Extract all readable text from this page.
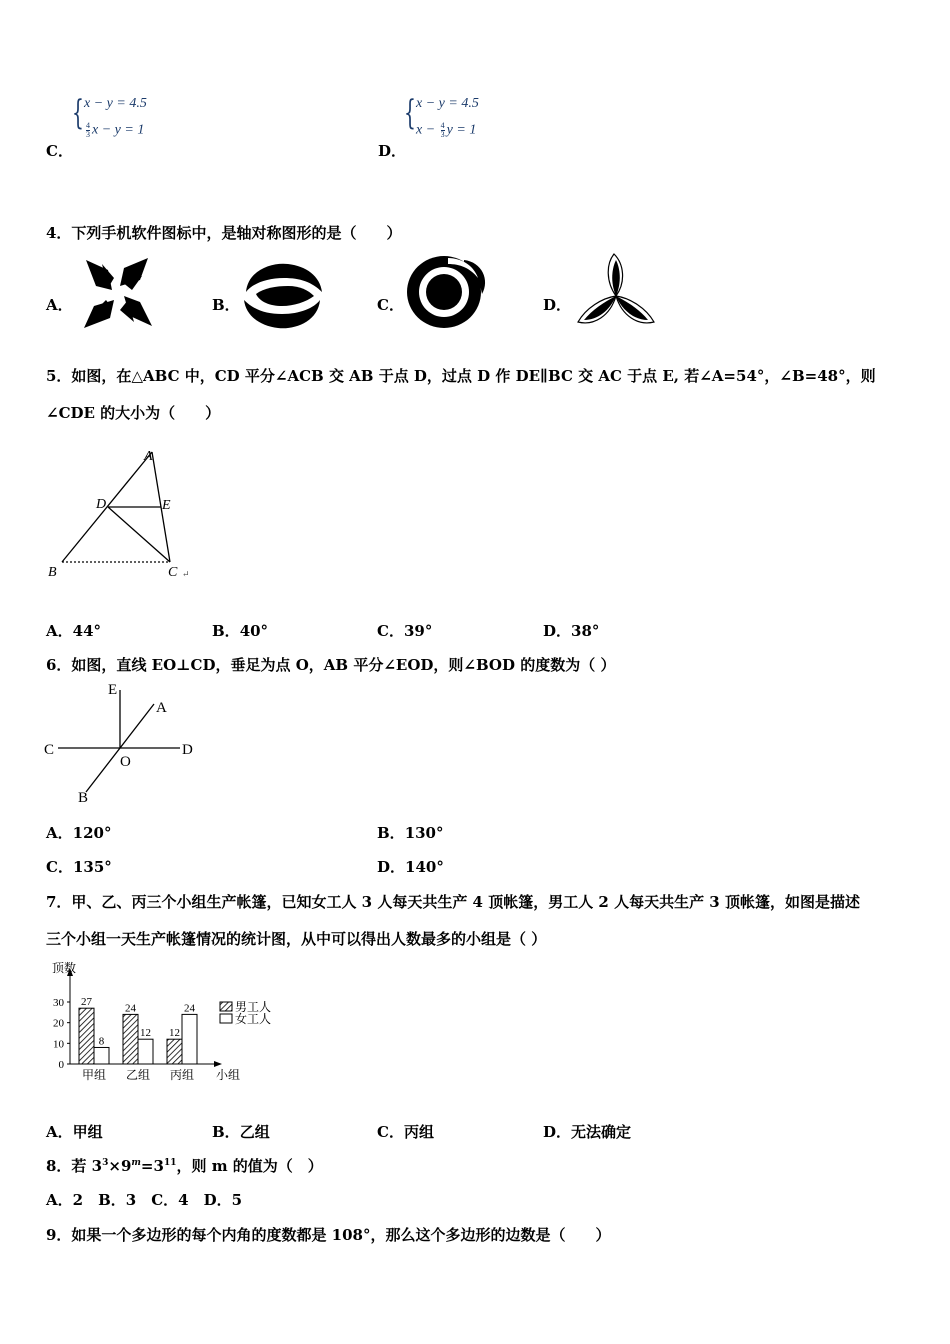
C．
{ x − y = 4.5
$\frac{4}{3}$ x − y = 1
D．
{ x − y = 4.5
$x - \frac{4}{3}$ y = 1
4．下列手机软件图标中，是轴对称图形的是（　　）
A．	B．	C．	D．
5．如图，在△ABC 中，CD 平分∠ACB 交 AB 于点 D，过点 D 作 DE∥BC 交 AC 于点 E, 若∠A=54°，∠B=48°，则
∠CDE 的大小为（　　）
A
D	E
B	C ↵
A．44°	B．40°	C．39°	D．38°
6．如图，直线 EO⊥CD，垂足为点 O，AB 平分∠EOD，则∠BOD 的度数为（ ）
E
A
C	D
O
B
A．120°	B．130°
C．135°	D．140°
7．甲、乙、丙三个小组生产帐篷，已知女工人 3 人每天共生产 4 顶帐篷，男工人 2 人每天共生产 3 顶帐篷，如图是描述
三个小组一天生产帐篷情况的统计图，从中可以得出人数最多的小组是（ ）
顶数
小组
0
10
20
30 27
8
甲组
24
12
乙组
12
24
丙组
男工人
女工人
A．甲组	B．乙组	C．丙组	D．无法确定
8．若 $3^3\times 9^m=3^{11}$，则 m 的值为（　）
A．2　B．3　C．4　D．5
9．如果一个多边形的每个内角的度数都是 108°，那么这个多边形的边数是（　　）
